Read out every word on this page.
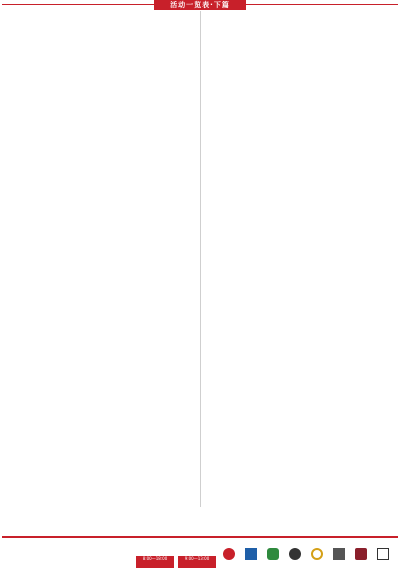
活动一览表·下篇
8:00—18:00	9:00—13:00
